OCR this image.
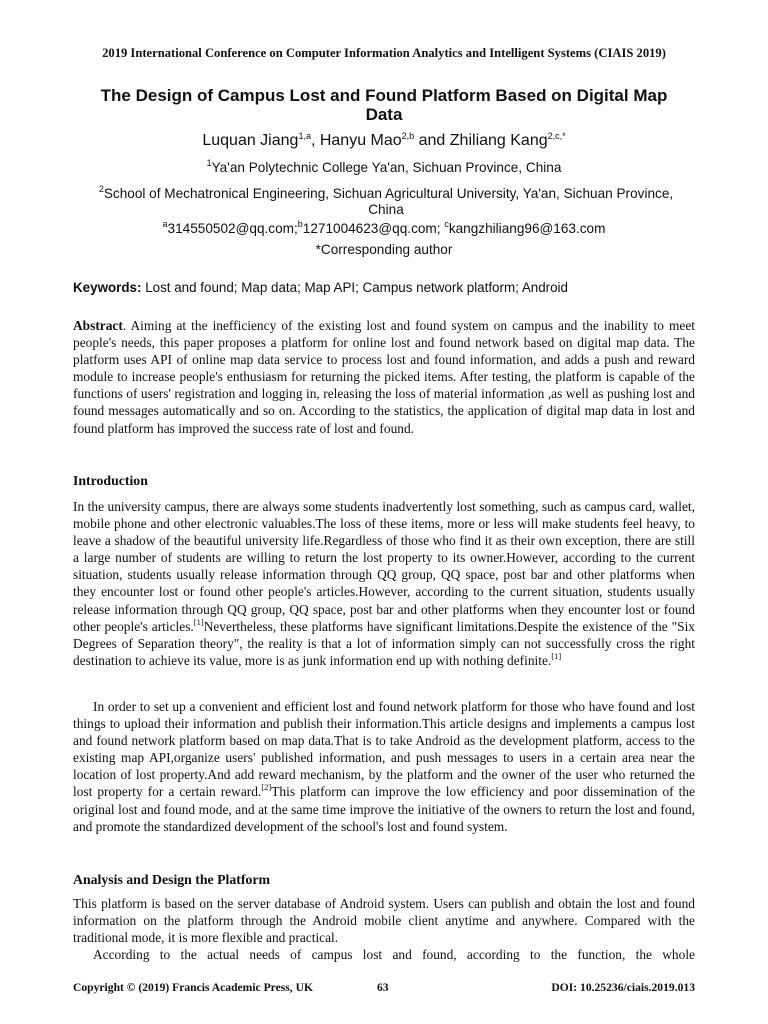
2019 International Conference on Computer Information Analytics and Intelligent Systems (CIAIS 2019)
The Design of Campus Lost and Found Platform Based on Digital Map Data
Luquan Jiang$^{1,a}$, Hanyu Mao$^{2,b}$ and Zhiliang Kang$^{2,c,*}$
$^1$Ya'an Polytechnic College Ya'an, Sichuan Province, China
$^2$School of Mechatronical Engineering, Sichuan Agricultural University, Ya'an, Sichuan Province, China
$^a$314550502@qq.com;$^b$1271004623@qq.com; $^c$kangzhiliang96@163.com
*Corresponding author
Keywords: Lost and found; Map data; Map API; Campus network platform; Android
Abstract. Aiming at the inefficiency of the existing lost and found system on campus and the inability to meet people's needs, this paper proposes a platform for online lost and found network based on digital map data. The platform uses API of online map data service to process lost and found information, and adds a push and reward module to increase people's enthusiasm for returning the picked items. After testing, the platform is capable of the functions of users' registration and logging in, releasing the loss of material information ,as well as pushing lost and found messages automatically and so on. According to the statistics, the application of digital map data in lost and found platform has improved the success rate of lost and found.
Introduction
In the university campus, there are always some students inadvertently lost something, such as campus card, wallet, mobile phone and other electronic valuables.The loss of these items, more or less will make students feel heavy, to leave a shadow of the beautiful university life.Regardless of those who find it as their own exception, there are still a large number of students are willing to return the lost property to its owner.However, according to the current situation, students usually release information through QQ group, QQ space, post bar and other platforms when they encounter lost or found other people's articles.However, according to the current situation, students usually release information through QQ group, QQ space, post bar and other platforms when they encounter lost or found other people's articles.[1]Nevertheless, these platforms have significant limitations.Despite the existence of the "Six Degrees of Separation theory", the reality is that a lot of information simply can not successfully cross the right destination to achieve its value, more is as junk information end up with nothing definite.[1]
In order to set up a convenient and efficient lost and found network platform for those who have found and lost things to upload their information and publish their information.This article designs and implements a campus lost and found network platform based on map data.That is to take Android as the development platform, access to the existing map API,organize users' published information, and push messages to users in a certain area near the location of lost property.And add reward mechanism, by the platform and the owner of the user who returned the lost property for a certain reward.[2]This platform can improve the low efficiency and poor dissemination of the original lost and found mode, and at the same time improve the initiative of the owners to return the lost and found, and promote the standardized development of the school's lost and found system.
Analysis and Design the Platform
This platform is based on the server database of Android system. Users can publish and obtain the lost and found information on the platform through the Android mobile client anytime and anywhere. Compared with the traditional mode, it is more flexible and practical.
According to the actual needs of campus lost and found, according to the function, the whole
Copyright © (2019) Francis Academic Press, UK	63	DOI: 10.25236/ciais.2019.013
